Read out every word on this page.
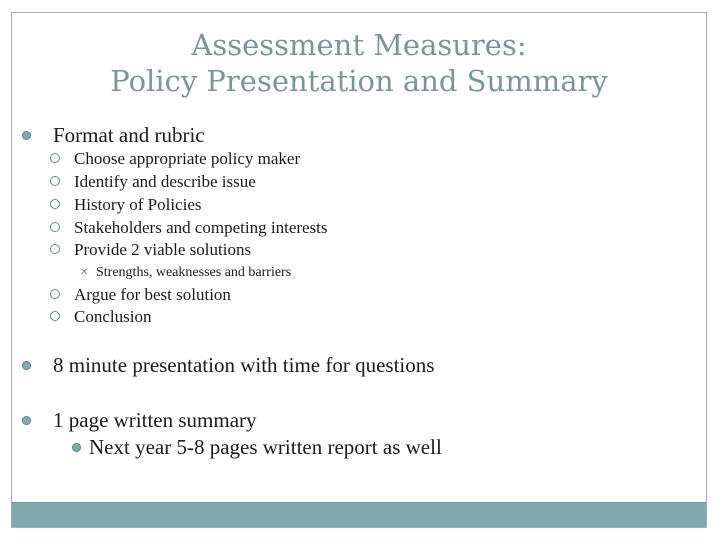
Assessment Measures:
Policy Presentation and Summary
Format and rubric
Choose appropriate policy maker
Identify and describe issue
History of Policies
Stakeholders and competing interests
Provide 2 viable solutions
✕ Strengths, weaknesses and barriers
Argue for best solution
Conclusion
8 minute presentation with time for questions
1 page written summary
Next year 5-8 pages written report as well
